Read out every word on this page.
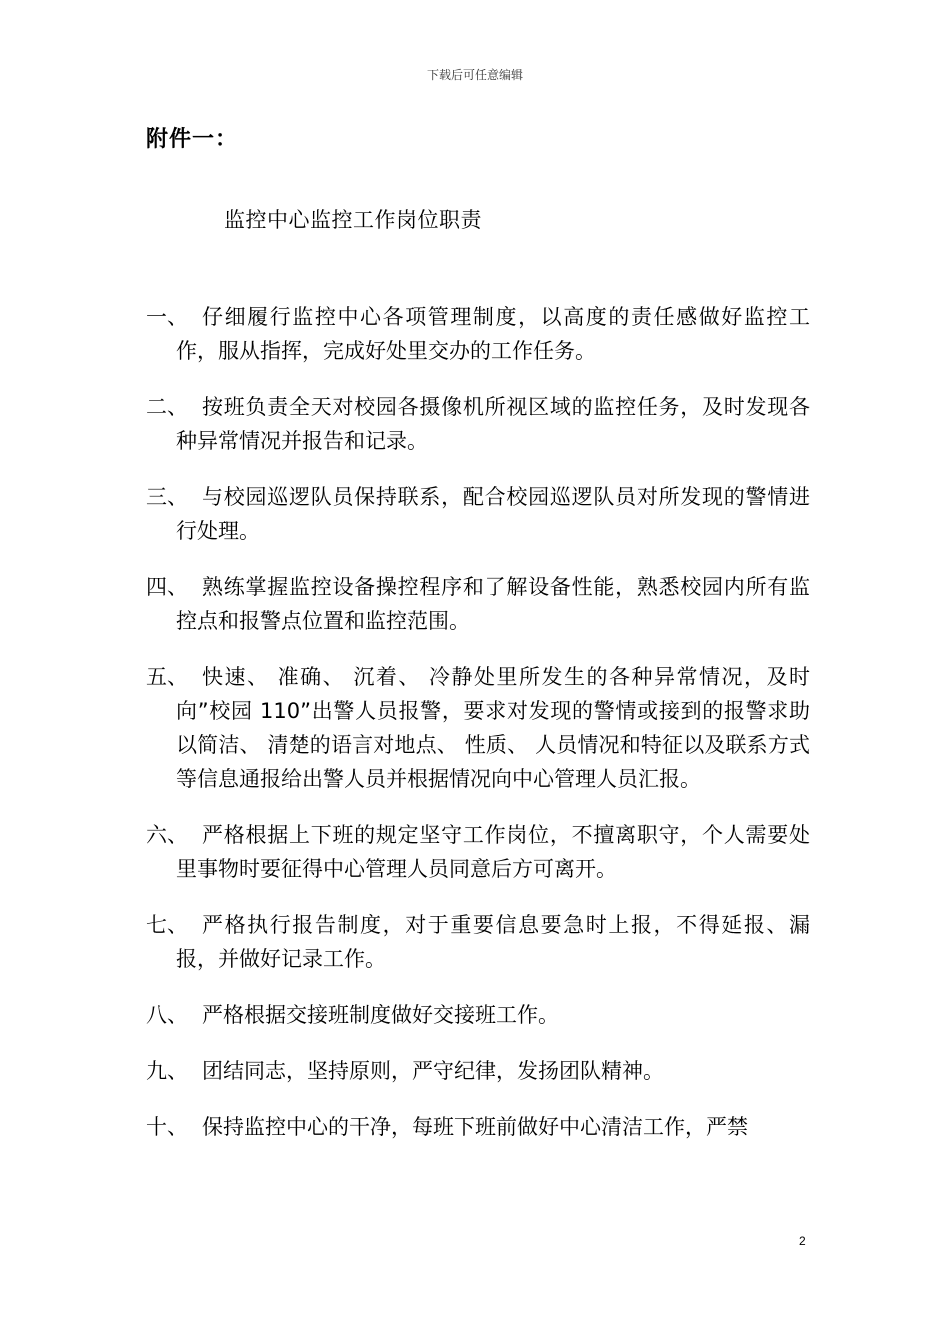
下载后可任意编辑
附件一：
监控中心监控工作岗位职责
一、 仔细履行监控中心各项管理制度，以高度的责任感做好监控工作，服从指挥，完成好处里交办的工作任务。
二、 按班负责全天对校园各摄像机所视区域的监控任务，及时发现各种异常情况并报告和记录。
三、 与校园巡逻队员保持联系，配合校园巡逻队员对所发现的警情进行处理。
四、 熟练掌握监控设备操控程序和了解设备性能，熟悉校园内所有监控点和报警点位置和监控范围。
五、 快速、 准确、 沉着、 冷静处里所发生的各种异常情况，及时向”校园 110”出警人员报警，要求对发现的警情或接到的报警求助以简洁、 清楚的语言对地点、 性质、 人员情况和特征以及联系方式等信息通报给出警人员并根据情况向中心管理人员汇报。
六、 严格根据上下班的规定坚守工作岗位，不擅离职守，个人需要处里事物时要征得中心管理人员同意后方可离开。
七、 严格执行报告制度，对于重要信息要急时上报，不得延报、漏报，并做好记录工作。
八、 严格根据交接班制度做好交接班工作。
九、 团结同志，坚持原则，严守纪律，发扬团队精神。
十、 保持监控中心的干净，每班下班前做好中心清洁工作，严禁
2
